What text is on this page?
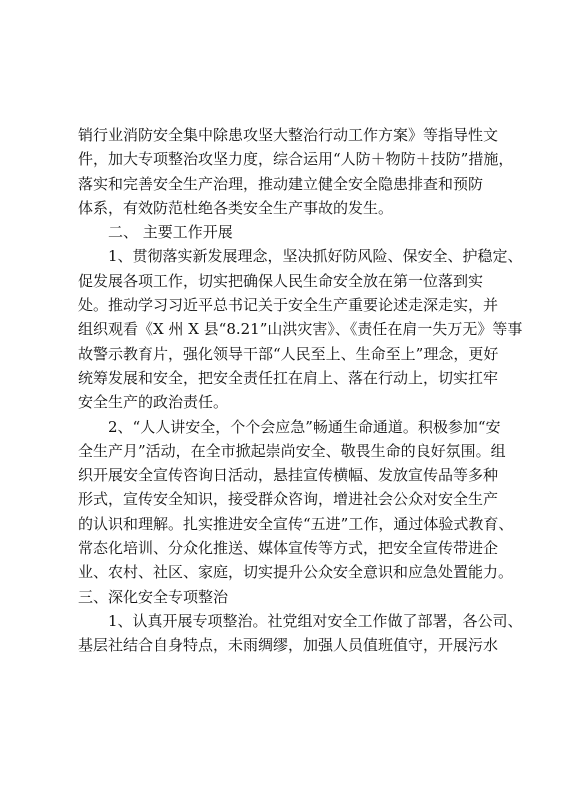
销行业消防安全集中除患攻坚大整治行动工作方案》等指导性文
件，加大专项整治攻坚力度，综合运用“人防＋物防＋技防”措施，
落实和完善安全生产治理，推动建立健全安全隐患排查和预防
体系，有效防范杜绝各类安全生产事故的发生。
二、 主要工作开展
1、贯彻落实新发展理念，坚决抓好防风险、保安全、护稳定、
促发展各项工作，切实把确保人民生命安全放在第一位落到实
处。推动学习习近平总书记关于安全生产重要论述走深走实，并
组织观看《X 州 X 县“8.21”山洪灾害》、《责任在肩一失万无》等事
故警示教育片，强化领导干部“人民至上、生命至上”理念，更好
统筹发展和安全，把安全责任扛在肩上、落在行动上，切实扛牢
安全生产的政治责任。
2、“人人讲安全，个个会应急”畅通生命通道。积极参加“安
全生产月”活动，在全市掀起崇尚安全、敬畏生命的良好氛围。组
织开展安全宣传咨询日活动，悬挂宣传横幅、发放宣传品等多种
形式，宣传安全知识，接受群众咨询，增进社会公众对安全生产
的认识和理解。扎实推进安全宣传“五进”工作，通过体验式教育、
常态化培训、分众化推送、媒体宣传等方式，把安全宣传带进企
业、农村、社区、家庭，切实提升公众安全意识和应急处置能力。
三、深化安全专项整治
1、认真开展专项整治。社党组对安全工作做了部署，各公司、
基层社结合自身特点，未雨绸缪，加强人员值班值守，开展污水
